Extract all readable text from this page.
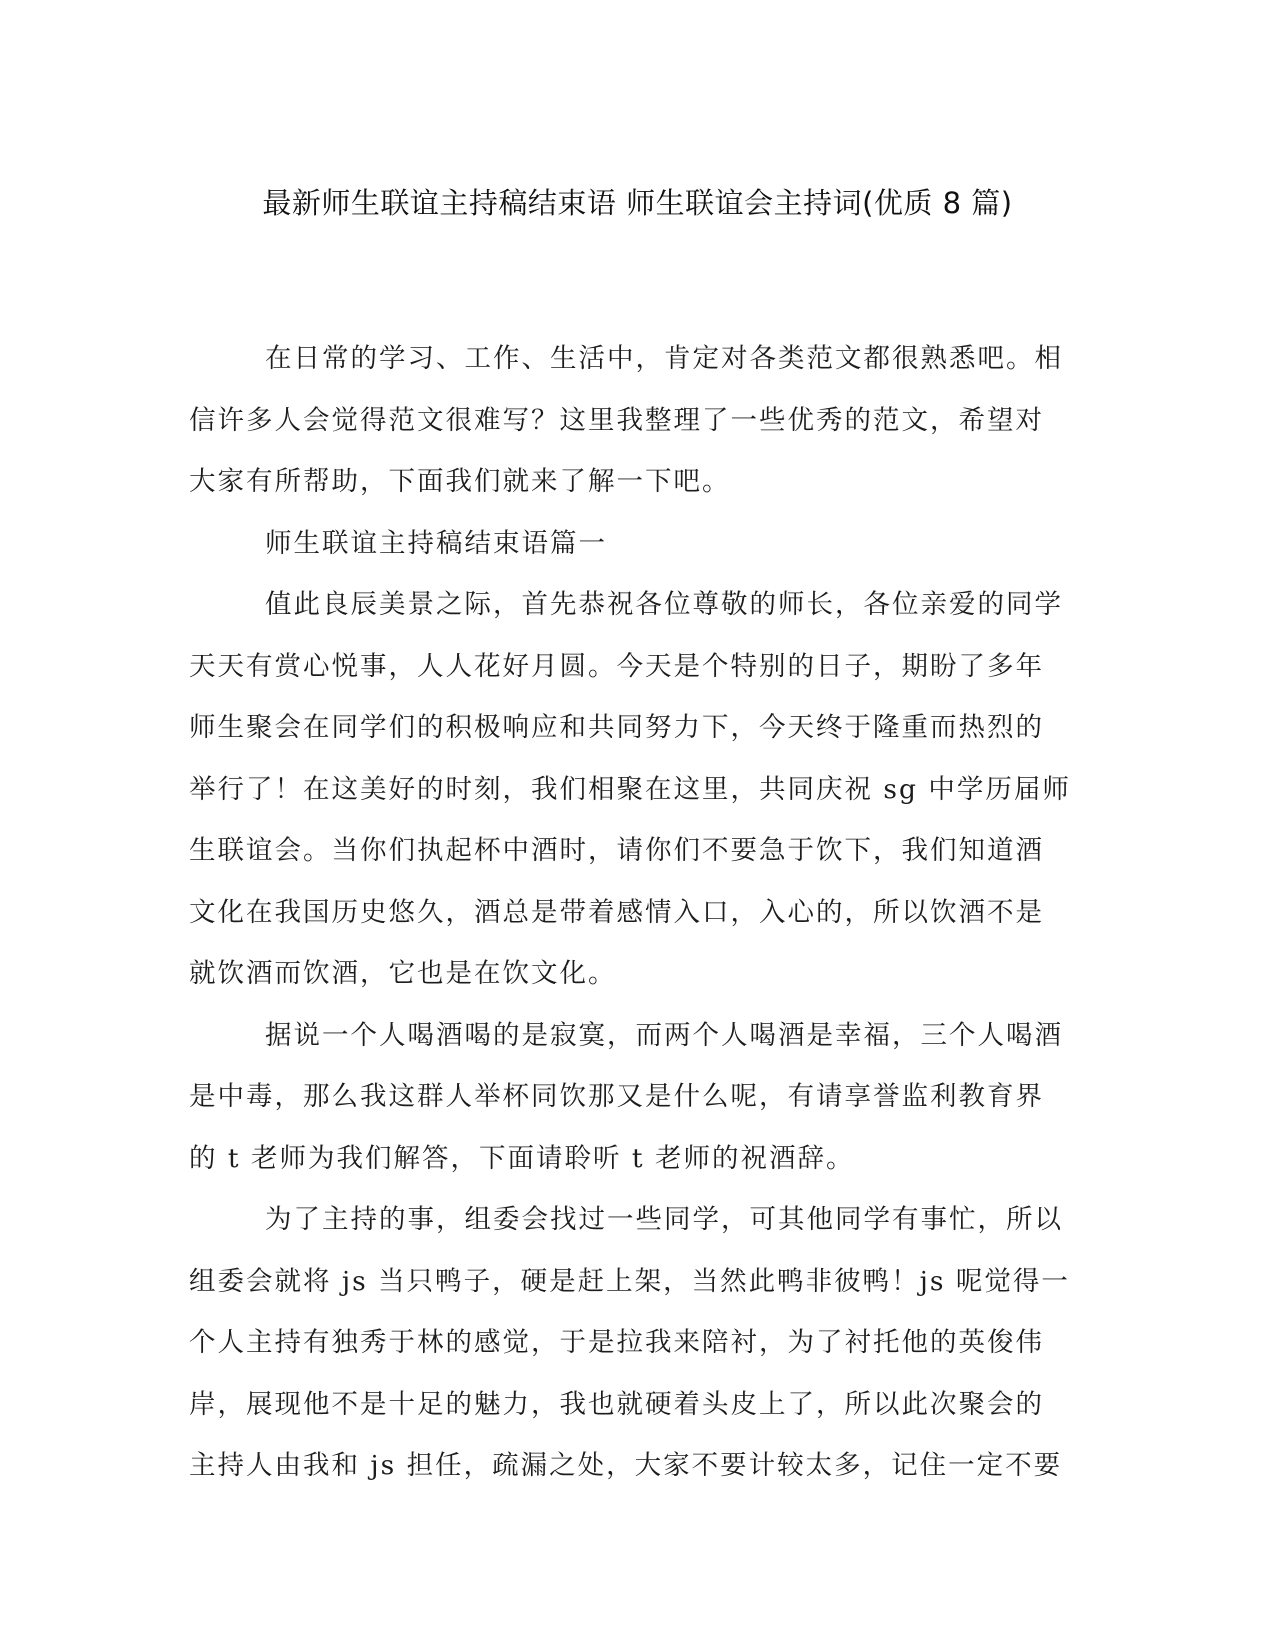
最新师生联谊主持稿结束语 师生联谊会主持词(优质 8 篇)
在日常的学习、工作、生活中，肯定对各类范文都很熟悉吧。相
信许多人会觉得范文很难写？这里我整理了一些优秀的范文，希望对
大家有所帮助，下面我们就来了解一下吧。
师生联谊主持稿结束语篇一
值此良辰美景之际，首先恭祝各位尊敬的师长，各位亲爱的同学
天天有赏心悦事，人人花好月圆。今天是个特别的日子，期盼了多年
师生聚会在同学们的积极响应和共同努力下，今天终于隆重而热烈的
举行了！在这美好的时刻，我们相聚在这里，共同庆祝 sg 中学历届师
生联谊会。当你们执起杯中酒时，请你们不要急于饮下，我们知道酒
文化在我国历史悠久，酒总是带着感情入口，入心的，所以饮酒不是
就饮酒而饮酒，它也是在饮文化。
据说一个人喝酒喝的是寂寞，而两个人喝酒是幸福，三个人喝酒
是中毒，那么我这群人举杯同饮那又是什么呢，有请享誉监利教育界
的 t 老师为我们解答，下面请聆听 t 老师的祝酒辞。
为了主持的事，组委会找过一些同学，可其他同学有事忙，所以
组委会就将 js 当只鸭子，硬是赶上架，当然此鸭非彼鸭！js 呢觉得一
个人主持有独秀于林的感觉，于是拉我来陪衬，为了衬托他的英俊伟
岸，展现他不是十足的魅力，我也就硬着头皮上了，所以此次聚会的
主持人由我和 js 担任，疏漏之处，大家不要计较太多，记住一定不要
